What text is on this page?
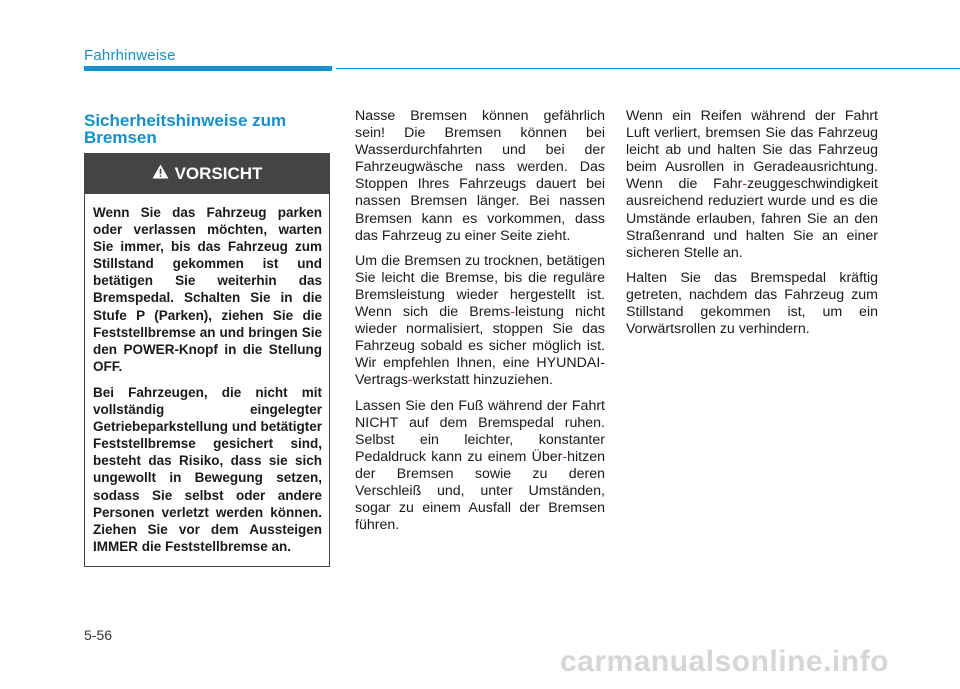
Fahrhinweise
Sicherheitshinweise zum Bremsen
VORSICHT

Wenn Sie das Fahrzeug parken oder verlassen möchten, warten Sie immer, bis das Fahrzeug zum Stillstand gekommen ist und betätigen Sie weiterhin das Bremspedal. Schalten Sie in die Stufe P (Parken), ziehen Sie die Feststellbremse an und bringen Sie den POWER-Knopf in die Stellung OFF.

Bei Fahrzeugen, die nicht mit vollständig eingelegter Getriebeparkstellung und betätigter Feststellbremse gesichert sind, besteht das Risiko, dass sie sich ungewollt in Bewegung setzen, sodass Sie selbst oder andere Personen verletzt werden können. Ziehen Sie vor dem Aussteigen IMMER die Feststellbremse an.

Nasse Bremsen können gefährlich sein! Die Bremsen können bei Wasserdurchfahrten und bei der Fahrzeugwäsche nass werden. Das Stoppen Ihres Fahrzeugs dauert bei nassen Bremsen länger. Bei nassen Bremsen kann es vorkommen, dass das Fahrzeug zu einer Seite zieht.

Um die Bremsen zu trocknen, betätigen Sie leicht die Bremse, bis die reguläre Bremsleistung wieder hergestellt ist. Wenn sich die Brems-leistung nicht wieder normalisiert, stoppen Sie das Fahrzeug sobald es sicher möglich ist. Wir empfehlen Ihnen, eine HYUNDAI-Vertrags-werkstatt hinzuziehen.

Lassen Sie den Fuß während der Fahrt NICHT auf dem Bremspedal ruhen. Selbst ein leichter, konstanter Pedaldruck kann zu einem Über-hitzen der Bremsen sowie zu deren Verschleiß und, unter Umständen, sogar zu einem Ausfall der Bremsen führen.

Wenn ein Reifen während der Fahrt Luft verliert, bremsen Sie das Fahrzeug leicht ab und halten Sie das Fahrzeug beim Ausrollen in Geradeausrichtung. Wenn die Fahr-zeuggeschwindigkeit ausreichend reduziert wurde und es die Umstände erlauben, fahren Sie an den Straßenrand und halten Sie an einer sicheren Stelle an.

Halten Sie das Bremspedal kräftig getreten, nachdem das Fahrzeug zum Stillstand gekommen ist, um ein Vorwärtsrollen zu verhindern.

5-56
carmanualsonline.info
